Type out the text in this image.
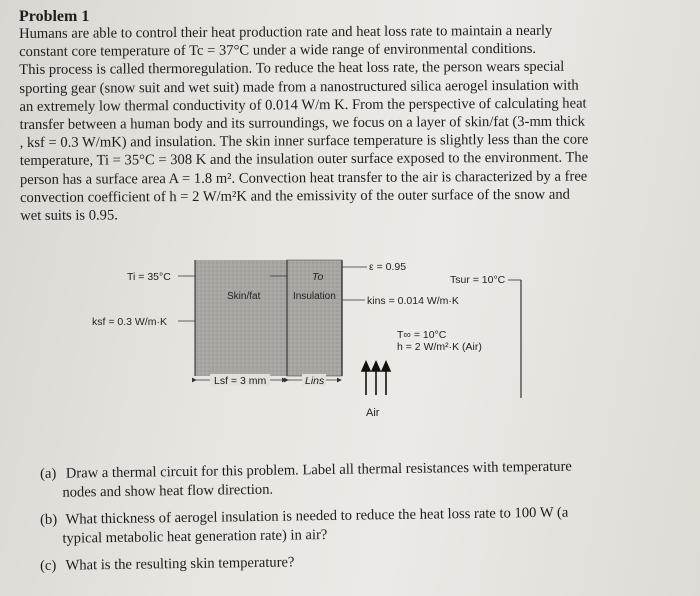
Problem 1
Humans are able to control their heat production rate and heat loss rate to maintain a nearly
constant core temperature of Tc = 37°C under a wide range of environmental conditions.
This process is called thermoregulation. To reduce the heat loss rate, the person wears special
sporting gear (snow suit and wet suit) made from a nanostructured silica aerogel insulation with
an extremely low thermal conductivity of 0.014 W/m K. From the perspective of calculating heat
transfer between a human body and its surroundings, we focus on a layer of skin/fat (3-mm thick
, ksf = 0.3 W/mK) and insulation. The skin inner surface temperature is slightly less than the core
temperature, Ti = 35°C = 308 K and the insulation outer surface exposed to the environment. The
person has a surface area A = 1.8 m². Convection heat transfer to the air is characterized by a free
convection coefficient of h = 2 W/m²K and the emissivity of the outer surface of the snow and
wet suits is 0.95.
Ti = 35°C	To
ε = 0.95
Tsur = 10°C
Skin/fat	Insulation	kins = 0.014 W/m·K
ksf = 0.3 W/m·K
T∞ = 10°C
h = 2 W/m²·K (Air)
Lsf = 3 mm	Lins
Air
(a) Draw a thermal circuit for this problem. Label all thermal resistances with temperature
nodes and show heat flow direction.
(b) What thickness of aerogel insulation is needed to reduce the heat loss rate to 100 W (a
typical metabolic heat generation rate) in air?
(c) What is the resulting skin temperature?
